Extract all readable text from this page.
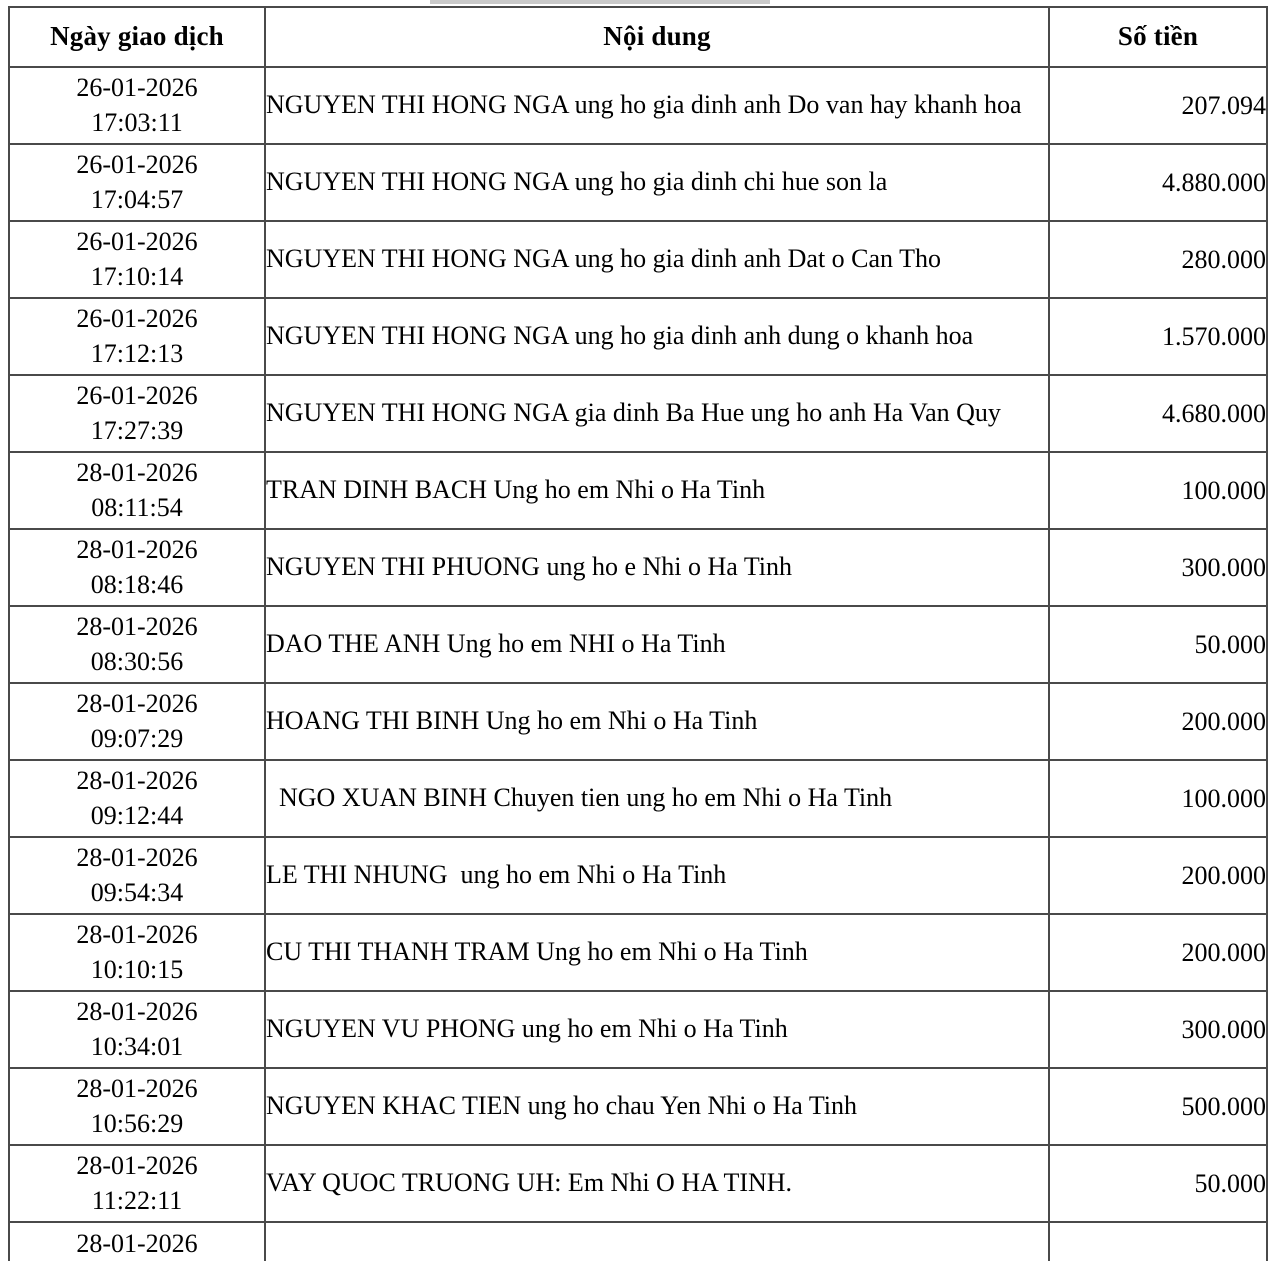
Ngày giao dịch	Nội dung	Số tiền

26-01-2026
17:03:11	NGUYEN THI HONG NGA ung ho gia dinh anh Do van hay khanh hoa	207.094

26-01-2026
17:04:57	NGUYEN THI HONG NGA ung ho gia dinh chi hue son la	4.880.000

26-01-2026
17:10:14	NGUYEN THI HONG NGA ung ho gia dinh anh Dat o Can Tho	280.000

26-01-2026
17:12:13	NGUYEN THI HONG NGA ung ho gia dinh anh dung o khanh hoa	1.570.000

26-01-2026
17:27:39	NGUYEN THI HONG NGA gia dinh Ba Hue ung ho anh Ha Van Quy	4.680.000

28-01-2026
08:11:54	TRAN DINH BACH Ung ho em Nhi o Ha Tinh	100.000

28-01-2026
08:18:46	NGUYEN THI PHUONG ung ho e Nhi o Ha Tinh	300.000

28-01-2026
08:30:56	DAO THE ANH Ung ho em NHI o Ha Tinh	50.000

28-01-2026
09:07:29	HOANG THI BINH Ung ho em Nhi o Ha Tinh	200.000

28-01-2026
09:12:44	NGO XUAN BINH Chuyen tien ung ho em Nhi o Ha Tinh	100.000

28-01-2026
09:54:34	LE THI NHUNG  ung ho em Nhi o Ha Tinh	200.000

28-01-2026
10:10:15	CU THI THANH TRAM Ung ho em Nhi o Ha Tinh	200.000

28-01-2026
10:34:01	NGUYEN VU PHONG ung ho em Nhi o Ha Tinh	300.000

28-01-2026
10:56:29	NGUYEN KHAC TIEN ung ho chau Yen Nhi o Ha Tinh	500.000

28-01-2026
11:22:11	VAY QUOC TRUONG UH: Em Nhi O HA TINH.	50.000

28-01-2026		
